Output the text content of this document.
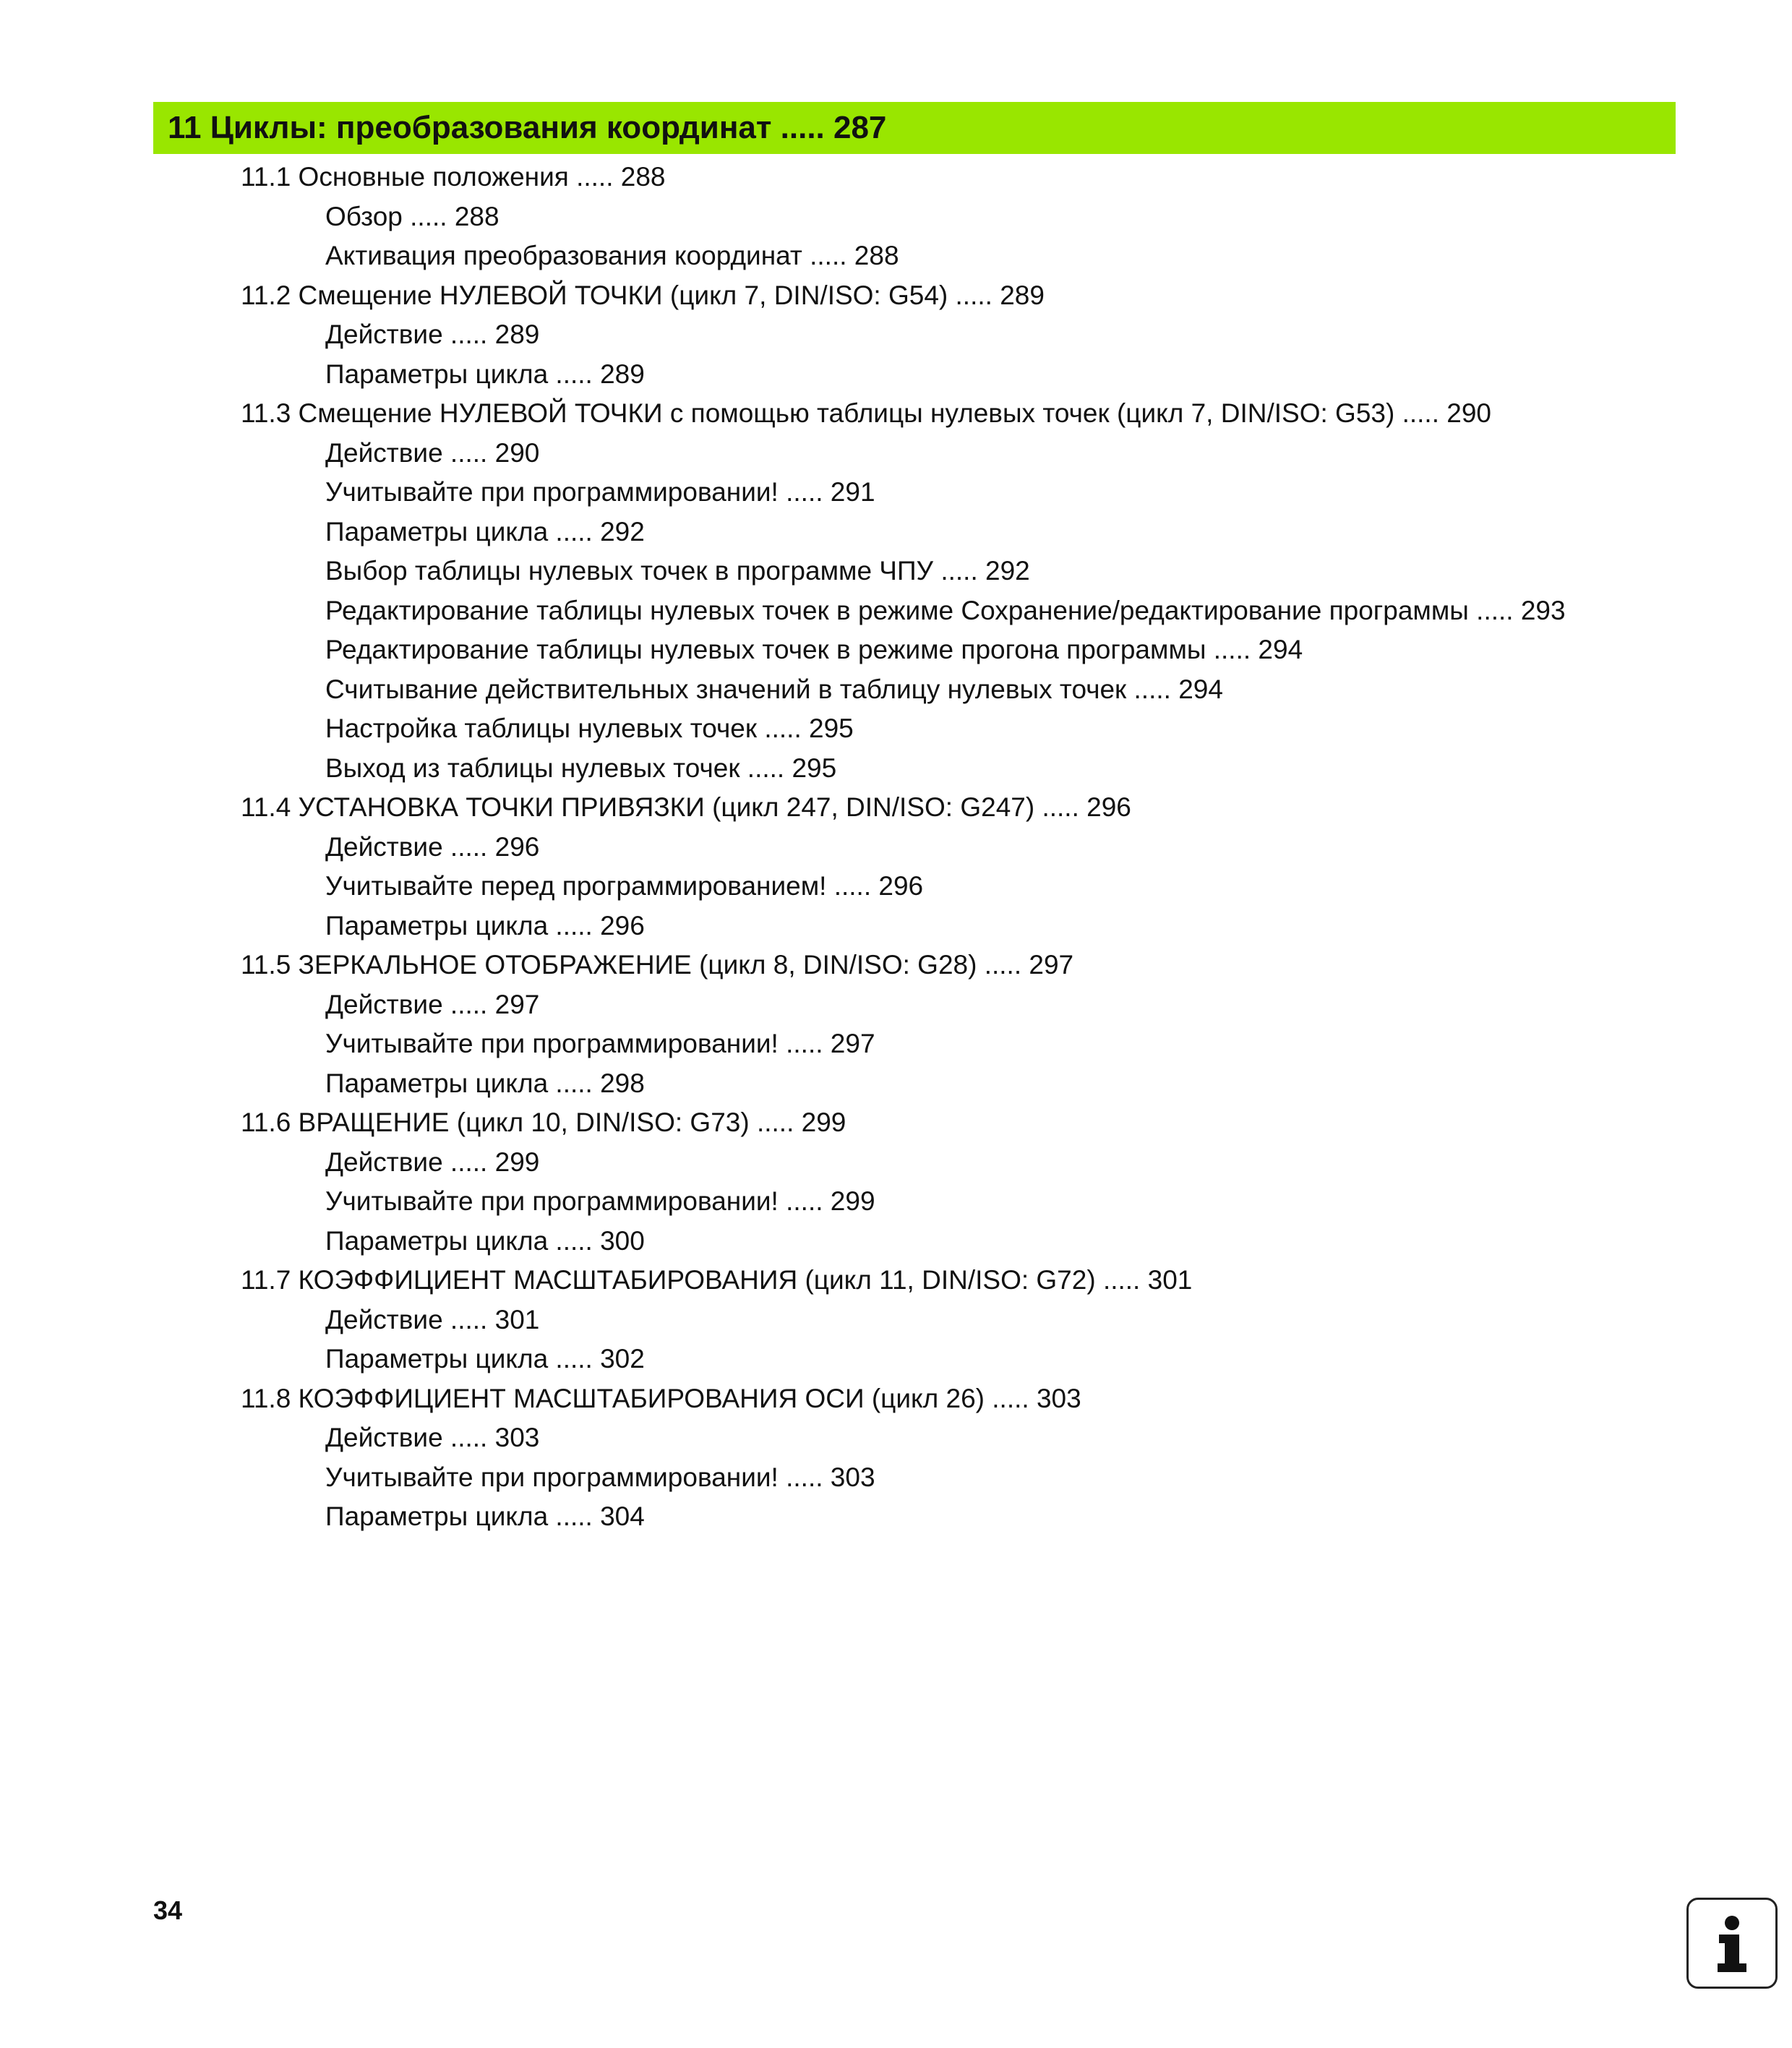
11 Циклы: преобразования координат ..... 287
11.1 Основные положения ..... 288
Обзор ..... 288
Активация преобразования координат ..... 288
11.2 Смещение НУЛЕВОЙ ТОЧКИ (цикл 7, DIN/ISO: G54) ..... 289
Действие ..... 289
Параметры цикла ..... 289
11.3 Смещение НУЛЕВОЙ ТОЧКИ с помощью таблицы нулевых точек (цикл 7, DIN/ISO: G53) ..... 290
Действие ..... 290
Учитывайте при программировании! ..... 291
Параметры цикла ..... 292
Выбор таблицы нулевых точек в программе ЧПУ ..... 292
Редактирование таблицы нулевых точек в режиме Сохранение/редактирование программы ..... 293
Редактирование таблицы нулевых точек в режиме прогона программы ..... 294
Считывание действительных значений в таблицу нулевых точек ..... 294
Настройка таблицы нулевых точек ..... 295
Выход из таблицы нулевых точек ..... 295
11.4 УСТАНОВКА ТОЧКИ ПРИВЯЗКИ (цикл 247, DIN/ISO: G247) ..... 296
Действие ..... 296
Учитывайте перед программированием! ..... 296
Параметры цикла ..... 296
11.5 ЗЕРКАЛЬНОЕ ОТОБРАЖЕНИЕ (цикл 8, DIN/ISO: G28) ..... 297
Действие ..... 297
Учитывайте при программировании! ..... 297
Параметры цикла ..... 298
11.6 ВРАЩЕНИЕ (цикл 10, DIN/ISO: G73) ..... 299
Действие ..... 299
Учитывайте при программировании! ..... 299
Параметры цикла ..... 300
11.7 КОЭФФИЦИЕНТ МАСШТАБИРОВАНИЯ (цикл 11, DIN/ISO: G72) ..... 301
Действие ..... 301
Параметры цикла ..... 302
11.8 КОЭФФИЦИЕНТ МАСШТАБИРОВАНИЯ ОСИ (цикл 26) ..... 303
Действие ..... 303
Учитывайте при программировании! ..... 303
Параметры цикла ..... 304
34
